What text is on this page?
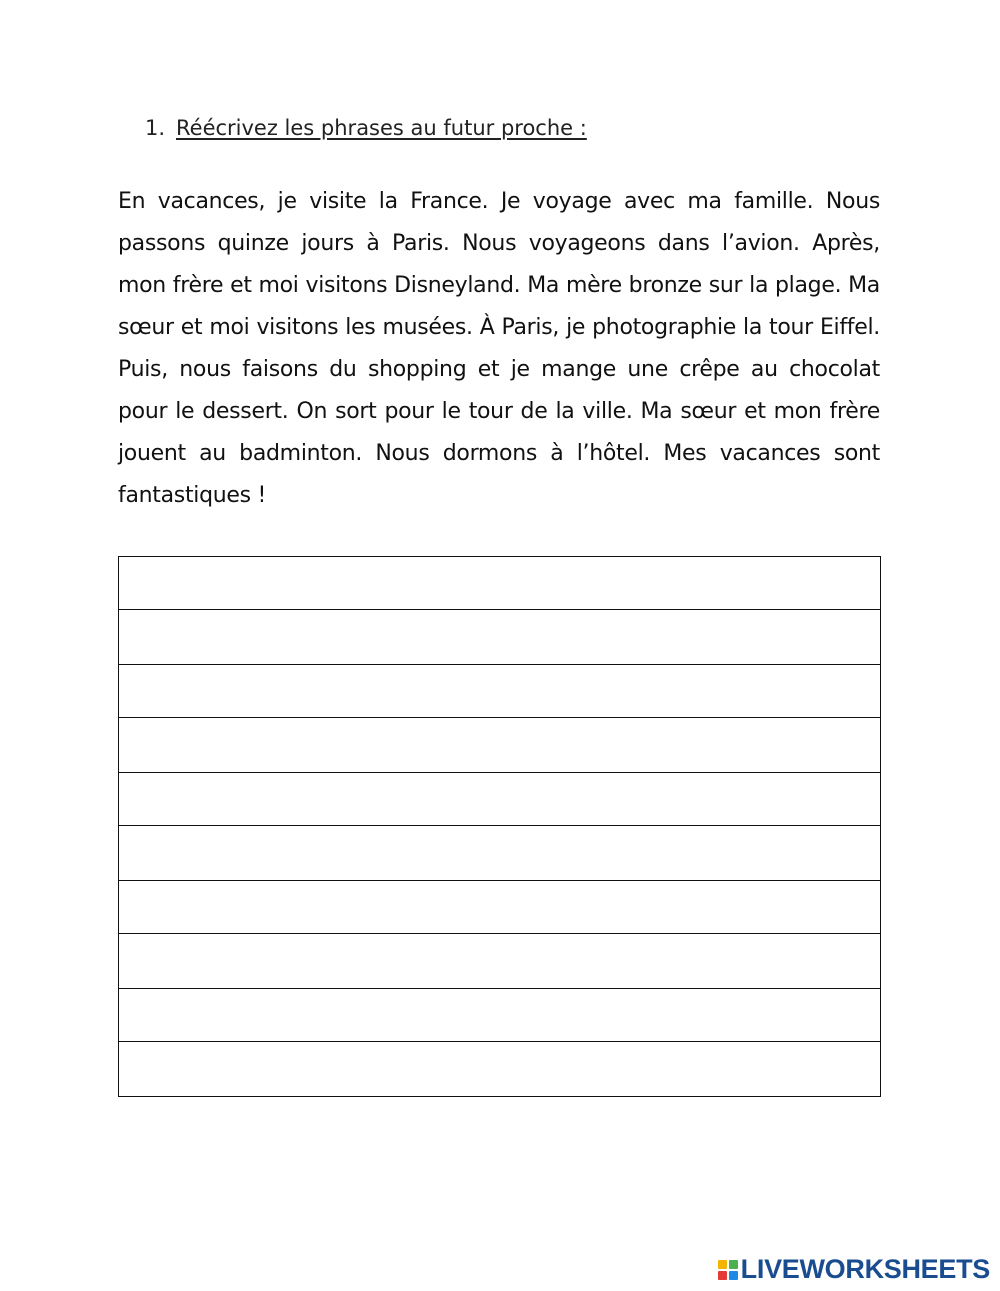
1. Réécrivez les phrases au futur proche :

En vacances, je visite la France. Je voyage avec ma famille. Nous passons quinze jours à Paris. Nous voyageons dans l’avion. Après, mon frère et moi visitons Disneyland. Ma mère bronze sur la plage. Ma sœur et moi visitons les musées. À Paris, je photographie la tour Eiffel. Puis, nous faisons du shopping et je mange une crêpe au chocolat pour le dessert. On sort pour le tour de la ville. Ma sœur et mon frère jouent au badminton. Nous dormons à l’hôtel. Mes vacances sont fantastiques !

LIVEWORKSHEETS
